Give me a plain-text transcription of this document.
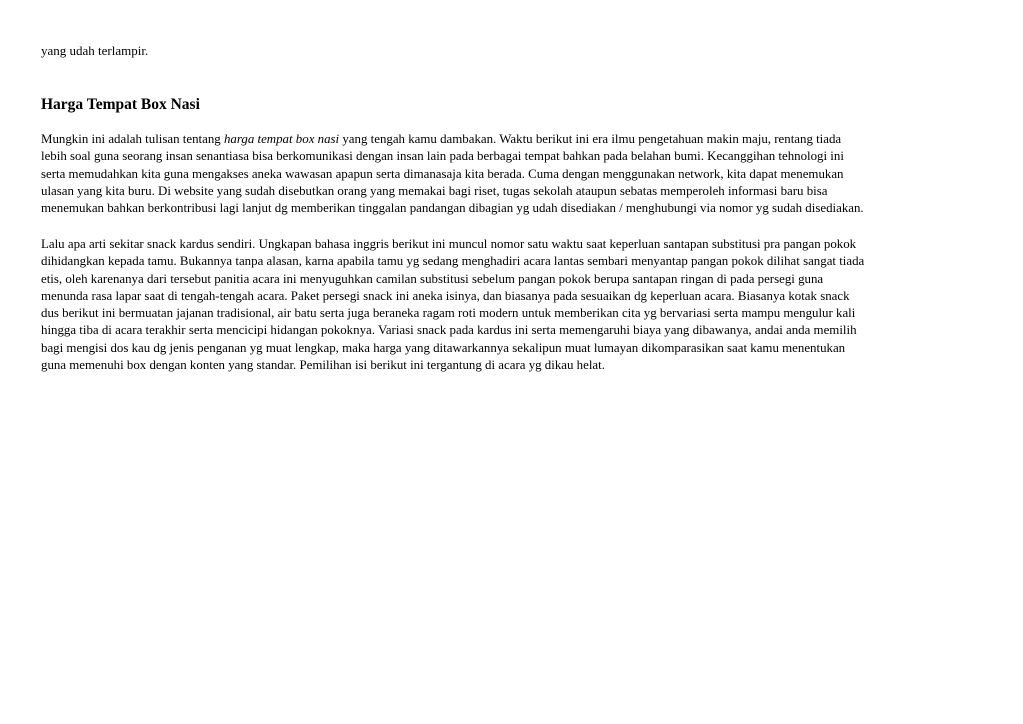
yang udah terlampir.
Harga Tempat Box Nasi

Mungkin ini adalah tulisan tentang harga tempat box nasi yang tengah kamu dambakan. Waktu berikut ini era ilmu pengetahuan makin maju, rentang tiada
lebih soal guna seorang insan senantiasa bisa berkomunikasi dengan insan lain pada berbagai tempat bahkan pada belahan bumi. Kecanggihan tehnologi ini
serta memudahkan kita guna mengakses aneka wawasan apapun serta dimanasaja kita berada. Cuma dengan menggunakan network, kita dapat menemukan
ulasan yang kita buru. Di website yang sudah disebutkan orang yang memakai bagi riset, tugas sekolah ataupun sebatas memperoleh informasi baru bisa
menemukan bahkan berkontribusi lagi lanjut dg memberikan tinggalan pandangan dibagian yg udah disediakan / menghubungi via nomor yg sudah disediakan.

Lalu apa arti sekitar snack kardus sendiri. Ungkapan bahasa inggris berikut ini muncul nomor satu waktu saat keperluan santapan substitusi pra pangan pokok
dihidangkan kepada tamu. Bukannya tanpa alasan, karna apabila tamu yg sedang menghadiri acara lantas sembari menyantap pangan pokok dilihat sangat tiada
etis, oleh karenanya dari tersebut panitia acara ini menyuguhkan camilan substitusi sebelum pangan pokok berupa santapan ringan di pada persegi guna
menunda rasa lapar saat di tengah-tengah acara. Paket persegi snack ini aneka isinya, dan biasanya pada sesuaikan dg keperluan acara. Biasanya kotak snack
dus berikut ini bermuatan jajanan tradisional, air batu serta juga beraneka ragam roti modern untuk memberikan cita yg bervariasi serta mampu mengulur kali
hingga tiba di acara terakhir serta mencicipi hidangan pokoknya. Variasi snack pada kardus ini serta memengaruhi biaya yang dibawanya, andai anda memilih
bagi mengisi dos kau dg jenis penganan yg muat lengkap, maka harga yang ditawarkannya sekalipun muat lumayan dikomparasikan saat kamu menentukan
guna memenuhi box dengan konten yang standar. Pemilihan isi berikut ini tergantung di acara yg dikau helat.
